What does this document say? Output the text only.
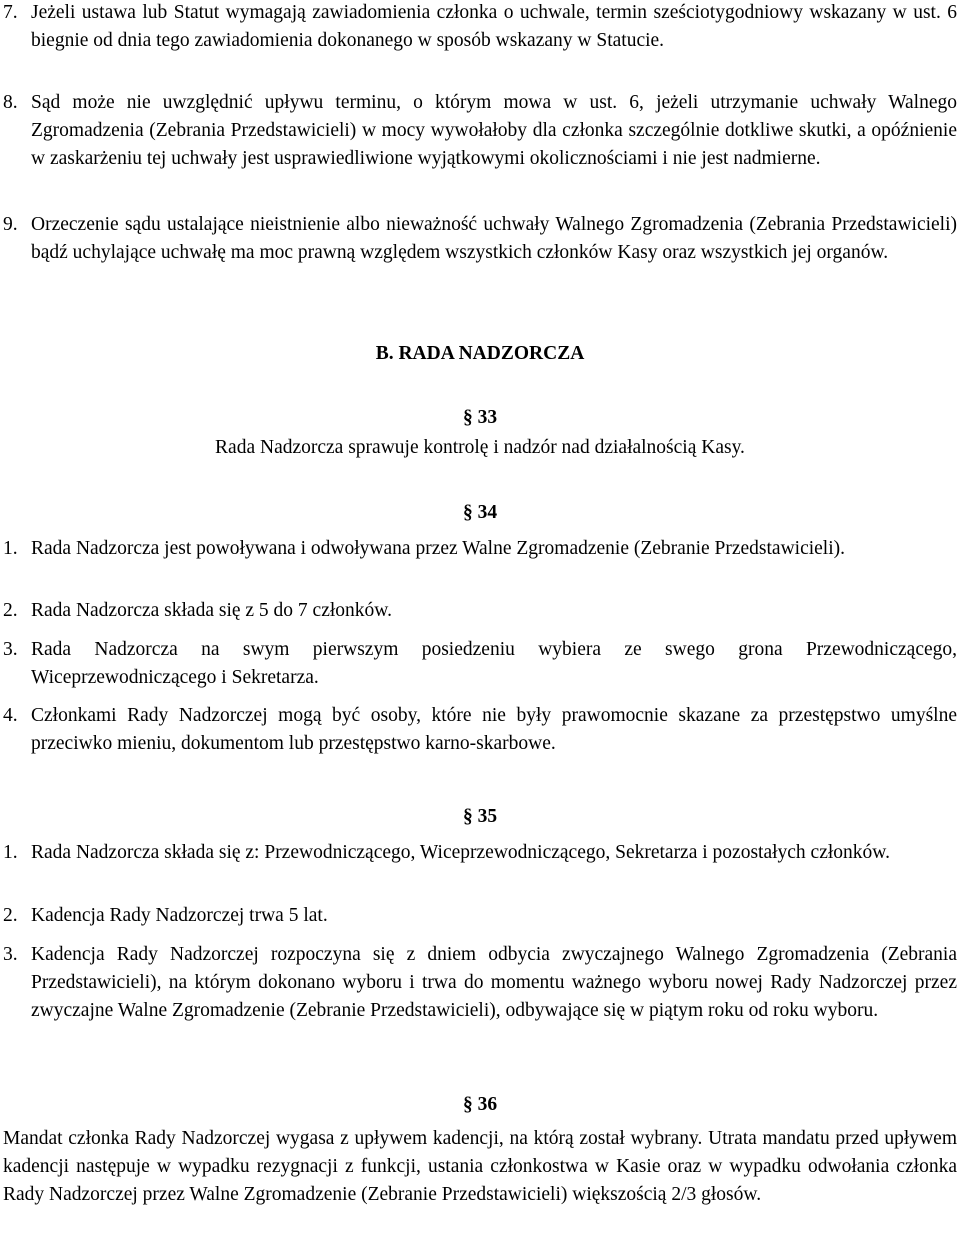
7. Jeżeli ustawa lub Statut wymagają zawiadomienia członka o uchwale, termin sześciotygodniowy wskazany w ust. 6 biegnie od dnia tego zawiadomienia dokonanego w sposób wskazany w Statucie.
8. Sąd może nie uwzględnić upływu terminu, o którym mowa w ust. 6, jeżeli utrzymanie uchwały Walnego Zgromadzenia (Zebrania Przedstawicieli) w mocy wywołałoby dla członka szczególnie dotkliwe skutki, a opóźnienie w zaskarżeniu tej uchwały jest usprawiedliwione wyjątkowymi okolicznościami i nie jest nadmierne.
9. Orzeczenie sądu ustalające nieistnienie albo nieważność uchwały Walnego Zgromadzenia (Zebrania Przedstawicieli) bądź uchylające uchwałę ma moc prawną względem wszystkich członków Kasy oraz wszystkich jej organów.
B. RADA NADZORCZA
§ 33
Rada Nadzorcza sprawuje kontrolę i nadzór nad działalnością Kasy.
§ 34
1. Rada Nadzorcza jest powoływana i odwoływana przez Walne Zgromadzenie (Zebranie Przedstawicieli).
2. Rada Nadzorcza składa się z 5 do 7 członków.
3. Rada Nadzorcza na swym pierwszym posiedzeniu wybiera ze swego grona Przewodniczącego, Wiceprzewodniczącego i Sekretarza.
4. Członkami Rady Nadzorczej mogą być osoby, które nie były prawomocnie skazane za przestępstwo umyślne przeciwko mieniu, dokumentom lub przestępstwo karno-skarbowe.
§ 35
1. Rada Nadzorcza składa się z: Przewodniczącego, Wiceprzewodniczącego, Sekretarza i pozostałych członków.
2. Kadencja Rady Nadzorczej trwa 5 lat.
3. Kadencja Rady Nadzorczej rozpoczyna się z dniem odbycia zwyczajnego Walnego Zgromadzenia (Zebrania Przedstawicieli), na którym dokonano wyboru i trwa do momentu ważnego wyboru nowej Rady Nadzorczej przez zwyczajne Walne Zgromadzenie (Zebranie Przedstawicieli), odbywające się w piątym roku od roku wyboru.
§ 36
Mandat członka Rady Nadzorczej wygasa z upływem kadencji, na którą został wybrany. Utrata mandatu przed upływem kadencji następuje w wypadku rezygnacji z funkcji, ustania członkostwa w Kasie oraz w wypadku odwołania członka Rady Nadzorczej przez Walne Zgromadzenie (Zebranie Przedstawicieli) większością 2/3 głosów.
